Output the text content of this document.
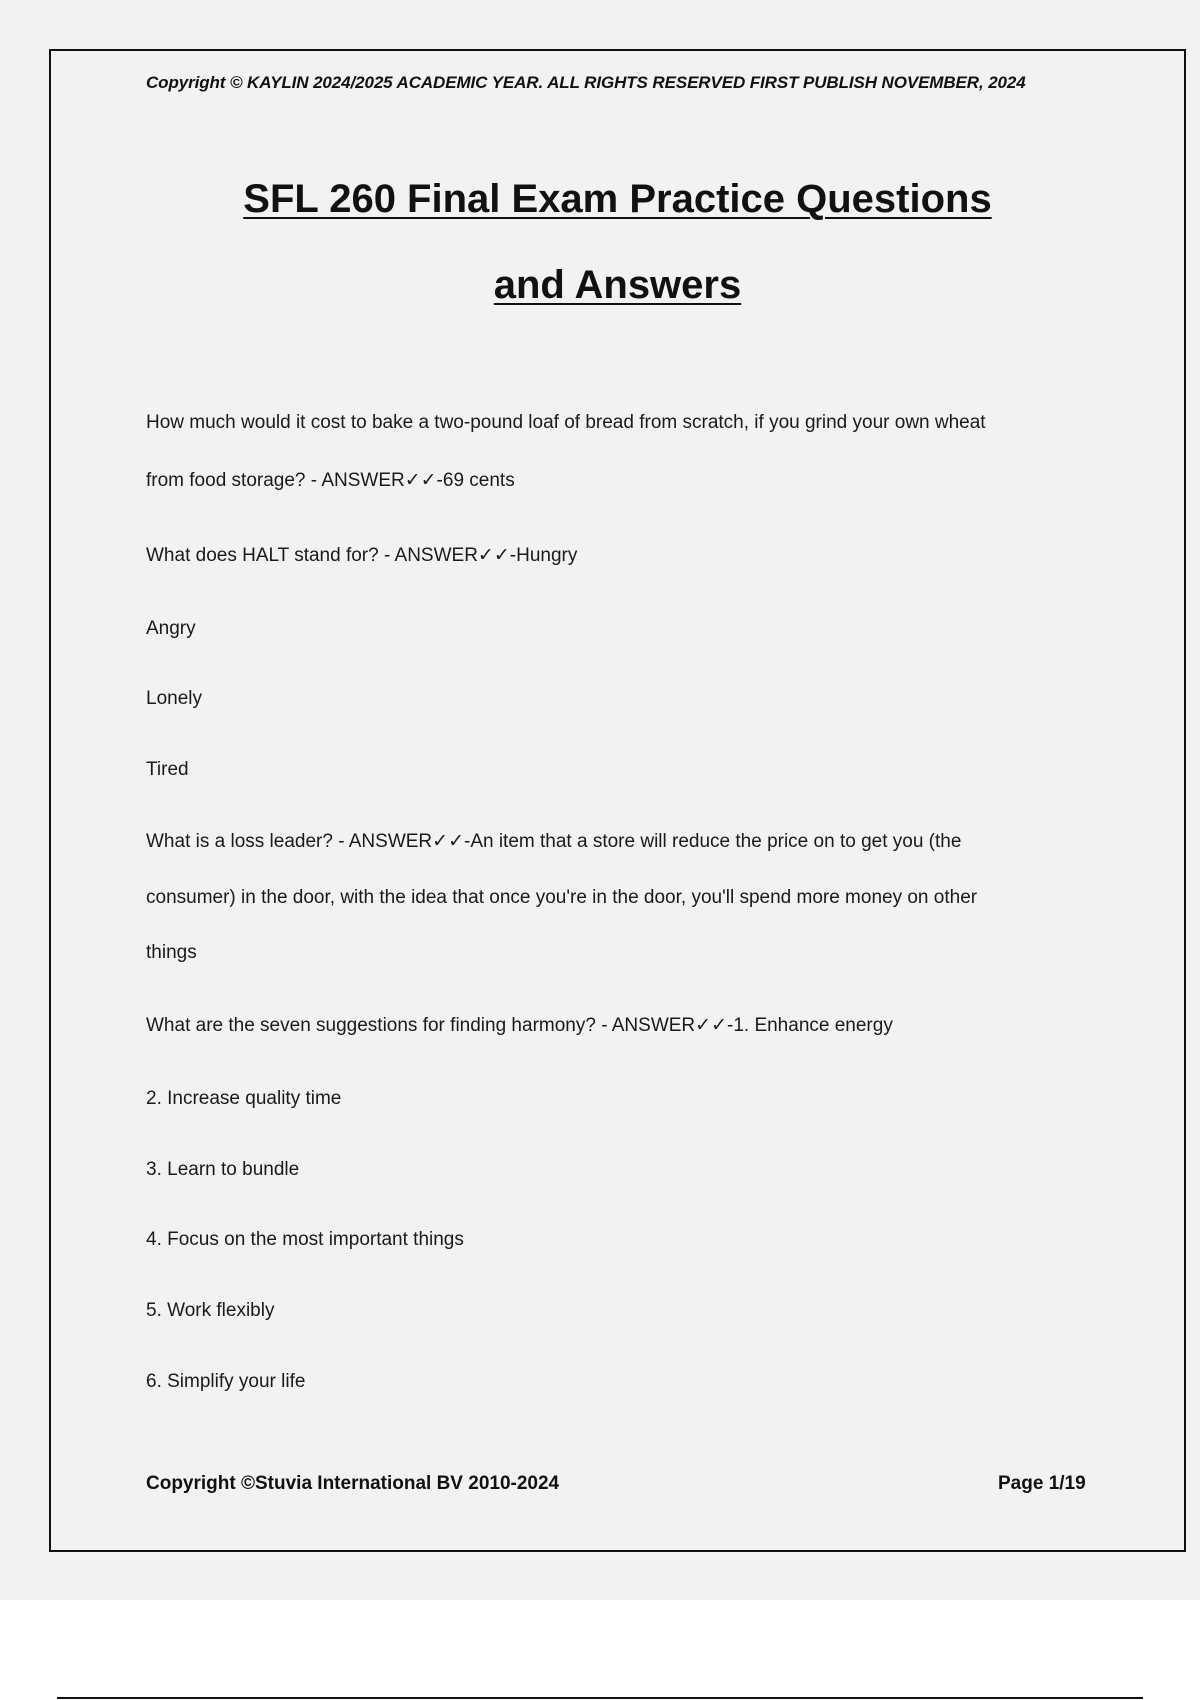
Copyright © KAYLIN 2024/2025 ACADEMIC YEAR. ALL RIGHTS RESERVED FIRST PUBLISH NOVEMBER, 2024
SFL 260 Final Exam Practice Questions
and Answers
How much would it cost to bake a two-pound loaf of bread from scratch, if you grind your own wheat
from food storage? - ANSWER✓✓-69 cents
What does HALT stand for? - ANSWER✓✓-Hungry
Angry
Lonely
Tired
What is a loss leader? - ANSWER✓✓-An item that a store will reduce the price on to get you (the
consumer) in the door, with the idea that once you're in the door, you'll spend more money on other
things
What are the seven suggestions for finding harmony? - ANSWER✓✓-1. Enhance energy
2. Increase quality time
3. Learn to bundle
4. Focus on the most important things
5. Work flexibly
6. Simplify your life
Copyright ©Stuvia International BV 2010-2024	Page 1/19
